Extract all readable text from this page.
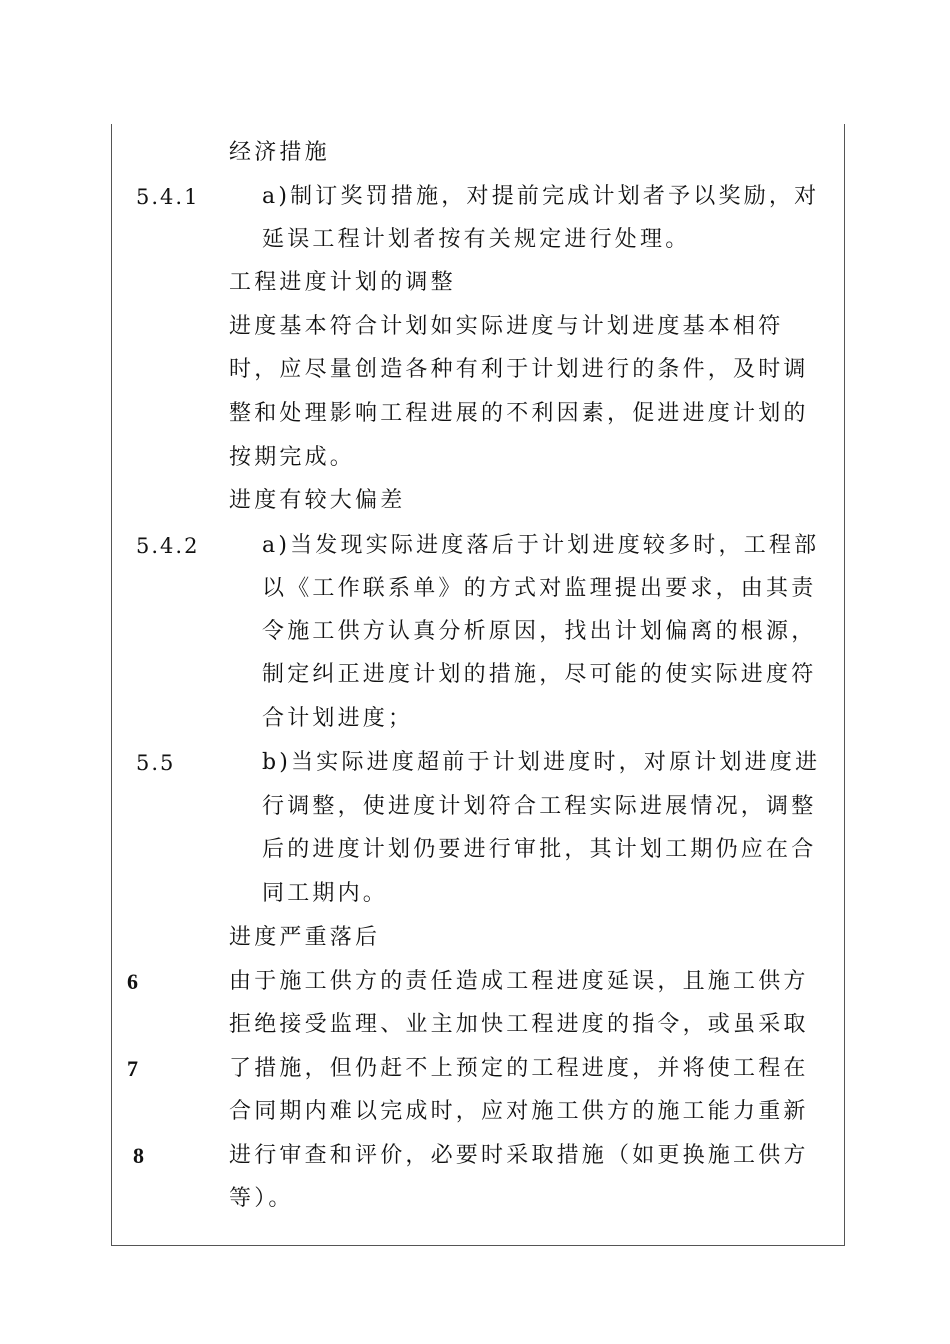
5.4.1
5.4.2
5.5
6
7
8
经济措施
a)制订奖罚措施，对提前完成计划者予以奖励，对
延误工程计划者按有关规定进行处理。
工程进度计划的调整
进度基本符合计划如实际进度与计划进度基本相符
时，应尽量创造各种有利于计划进行的条件，及时调
整和处理影响工程进展的不利因素，促进进度计划的
按期完成。
进度有较大偏差
a)当发现实际进度落后于计划进度较多时，工程部
以《工作联系单》的方式对监理提出要求，由其责
令施工供方认真分析原因，找出计划偏离的根源，
制定纠正进度计划的措施，尽可能的使实际进度符
合计划进度；
b)当实际进度超前于计划进度时，对原计划进度进
行调整，使进度计划符合工程实际进展情况，调整
后的进度计划仍要进行审批，其计划工期仍应在合
同工期内。
进度严重落后
由于施工供方的责任造成工程进度延误，且施工供方
拒绝接受监理、业主加快工程进度的指令，或虽采取
了措施，但仍赶不上预定的工程进度，并将使工程在
合同期内难以完成时，应对施工供方的施工能力重新
进行审查和评价，必要时采取措施（如更换施工供方
等）。
